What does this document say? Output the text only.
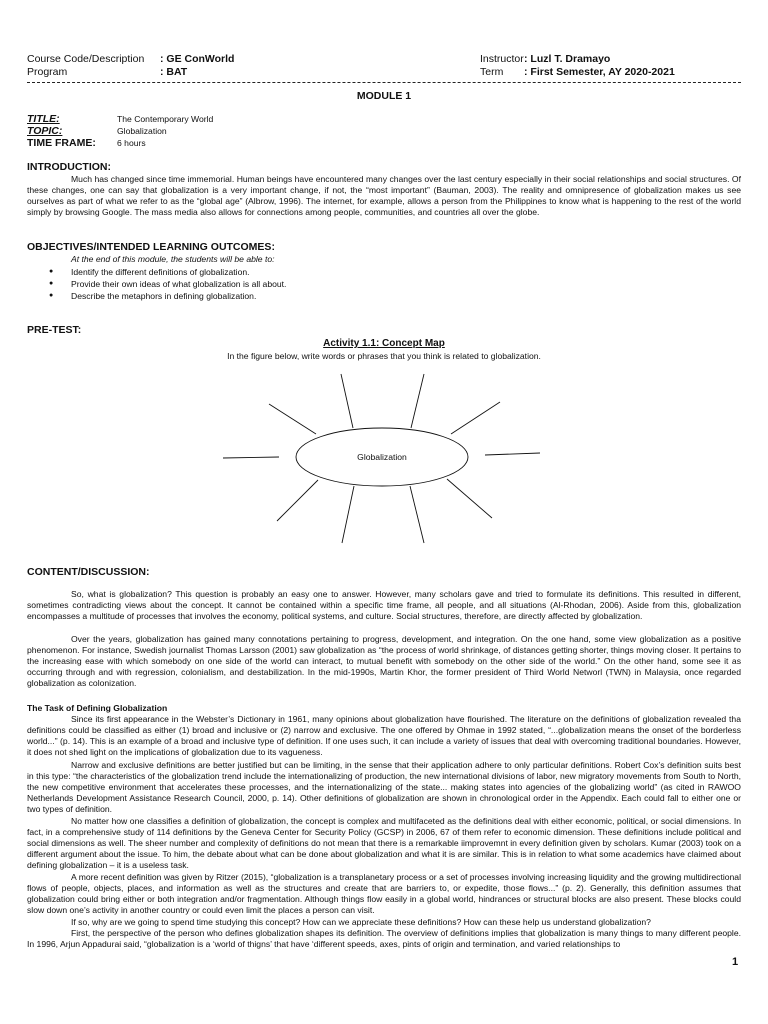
Course Code/Description : GE ConWorld
Program	: BAT
Instructor : Luzl T. Dramayo
Term : First Semester, AY 2020-2021
MODULE 1
TITLE:	The Contemporary World
TOPIC:	Globalization
TIME FRAME: 6 hours
INTRODUCTION:

Much has changed since time immemorial. Human beings have encountered many changes over the last century especially in their social relationships and social structures. Of these changes, one can say that globalization is a very important change, if not, the “most important” (Bauman, 2003). The reality and omnipresence of globalization makes us see ourselves as part of what we refer to as the “global age” (Albrow, 1996). The internet, for example, allows a person from the Philippines to know what is happening to the rest of the world simply by browsing Google. The mass media also allows for connections among people, communities, and countries all over the globe.

OBJECTIVES/INTENDED LEARNING OUTCOMES:
At the end of this module, the students will be able to:
● Identify the different definitions of globalization.
● Provide their own ideas of what globalization is all about.
● Describe the metaphors in defining globalization.
PRE-TEST:
Activity 1.1: Concept Map
In the figure below, write words or phrases that you think is related to globalization.
Globalization
CONTENT/DISCUSSION:

So, what is globalization? This question is probably an easy one to answer. However, many scholars gave and tried to formulate its definitions. This resulted in different, sometimes contradicting views about the concept. It cannot be contained within a specific time frame, all people, and all situations (Al-Rhodan, 2006). Aside from this, globalization encompasses a multitude of processes that involves the economy, political systems, and culture. Social structures, therefore, are directly affected by globalization.

Over the years, globalization has gained many connotations pertaining to progress, development, and integration. On the one hand, some view globalization as a positive phenomenon. For instance, Swedish journalist Thomas Larsson (2001) saw globalization as “the process of world shrinkage, of distances getting shorter, things moving closer. It pertains to the increasing ease with which somebody on one side of the world can interact, to mutual benefit with somebody on the other side of the world.” On the other hand, some see it as occurring through and with regression, colonialism, and destabilization. In the mid-1990s, Martin Khor, the former president of Third World Networl (TWN) in Malaysia, once regarded globalization as colonization.

The Task of Defining Globalization

Since its first appearance in the Webster’s Dictionary in 1961, many opinions about globalization have flourished. The literature on the definitions of globalization revealed tha definitions could be classified as either (1) broad and inclusive or (2) narrow and exclusive. The one offered by Ohmae in 1992 stated, “...globalization means the onset of the borderless world...” (p. 14). This is an example of a broad and inclusive type of definition. If one uses such, it can include a variety of issues that deal with overcoming traditional boundaries. However, it does not shed light on the implications of globalization due to its vagueness.

Narrow and exclusive definitions are better justified but can be limiting, in the sense that their application adhere to only particular definitions. Robert Cox’s definition suits best in this type: “the characteristics of the globalization trend include the internationalizing of production, the new international divisions of labor, new migratory movements from South to North, the new competitive environment that accelerates these processes, and the internationalizing of the state... making states into agencies of the globalizing world” (as cited in RAWOO Netherlands Development Assistance Research Council, 2000, p. 14). Other definitions of globalization are shown in chronological order in the Appendix. Each could fall to either one or two types of definition.

No matter how one classifies a definition of globalization, the concept is complex and multifaceted as the definitions deal with either economic, political, or social dimensions. In fact, in a comprehensive study of 114 definitions by the Geneva Center for Security Policy (GCSP) in 2006, 67 of them refer to economic dimension. These definitions include political and social dimensions as well. The sheer number and complexity of definitions do not mean that there is a remarkable iimprovemnt in every definition given by scholars. Kumar (2003) took on a different argument about the issue. To him, the debate about what can be done about globalization and what it is are similar. This is in relation to what some academics have claimed about defining globalization – it is a useless task.

A more recent definition was given by Ritzer (2015), “globalization is a transplanetary process or a set of processes involving increasing liquidity and the growing multidirectional flows of people, objects, places, and information as well as the structures and create that are barriers to, or expedite, those flows...” (p. 2). Generally, this definition assumes that globalization could bring either or both integration and/or fragmentation. Although things flow easily in a global world, hindrances or structural blocks are also present. These blocks could slow down one’s activity in another country or could even limit the places a person can visit.

If so, why are we going to spend time studying this concept? How can we appreciate these definitions? How can these help us understand globalization?

First, the perspective of the person who defines globalization shapes its definition. The overview of definitions implies that globalization is many things to many different people. In 1996, Arjun Appadurai said, “globalization is a ‘world of thigns’ that have ‘different speeds, axes, pints of origin and termination, and varied relationships to

1
